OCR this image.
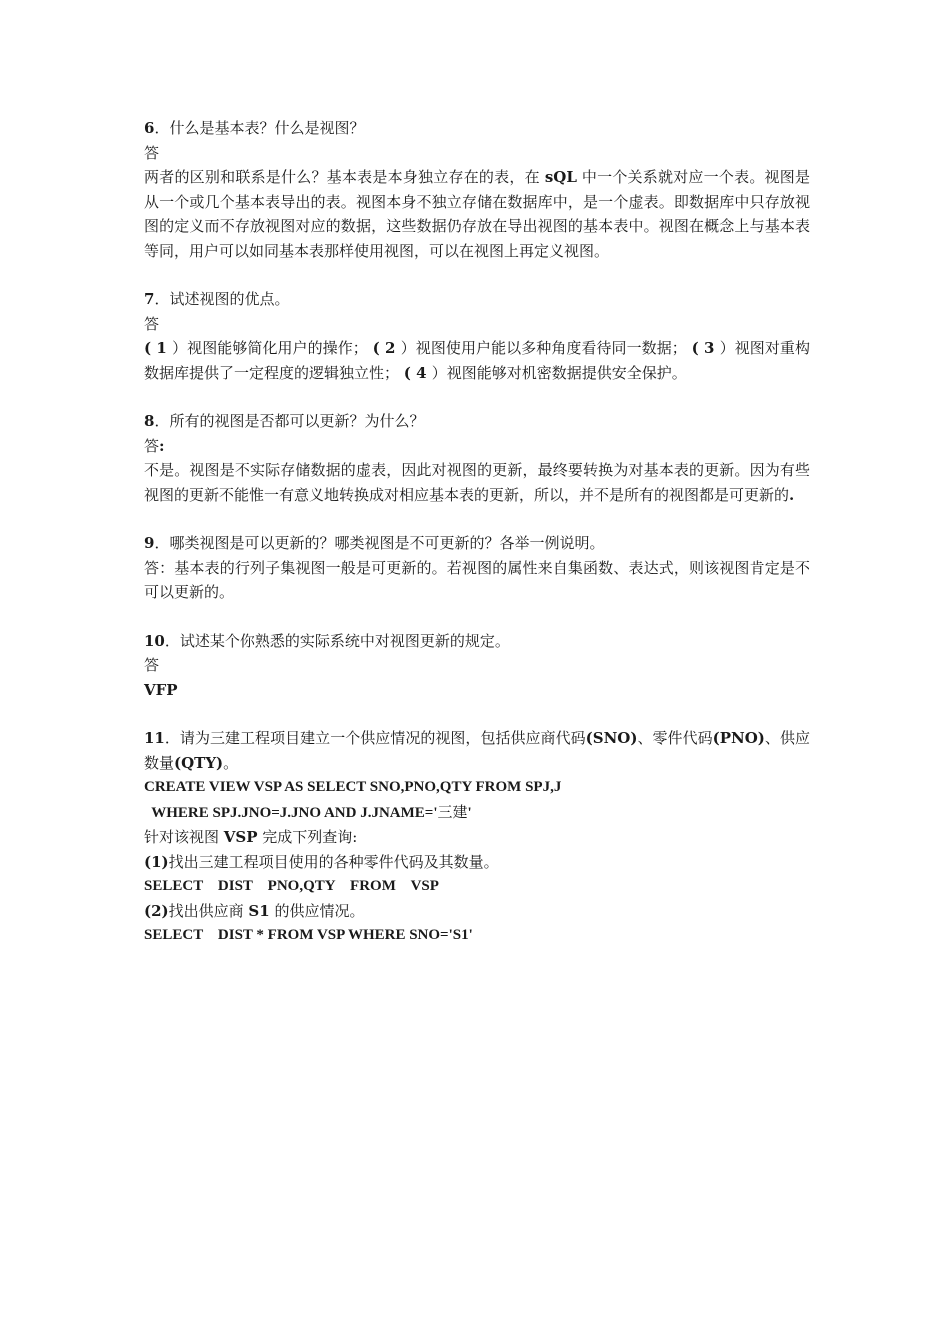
6．什么是基本表？什么是视图？
答
两者的区别和联系是什么？基本表是本身独立存在的表，在 sQL 中一个关系就对应一个表。视图是从一个或几个基本表导出的表。视图本身不独立存储在数据库中，是一个虚表。即数据库中只存放视图的定义而不存放视图对应的数据，这些数据仍存放在导出视图的基本表中。视图在概念上与基本表等同，用户可以如同基本表那样使用视图，可以在视图上再定义视图。
7．试述视图的优点。
答
( 1 ）视图能够简化用户的操作； ( 2 ）视图使用户能以多种角度看待同一数据； ( 3 ）视图对重构数据库提供了一定程度的逻辑独立性； ( 4 ）视图能够对机密数据提供安全保护。
8．所有的视图是否都可以更新？为什么？
答:
不是。视图是不实际存储数据的虚表，因此对视图的更新，最终要转换为对基本表的更新。因为有些视图的更新不能惟一有意义地转换成对相应基本表的更新，所以，并不是所有的视图都是可更新的.
9．哪类视图是可以更新的？哪类视图是不可更新的？各举一例说明。
答：基本表的行列子集视图一般是可更新的。若视图的属性来自集函数、表达式，则该视图肯定是不可以更新的。
10．试述某个你熟悉的实际系统中对视图更新的规定。
答
VFP
11．请为三建工程项目建立一个供应情况的视图，包括供应商代码(SNO)、零件代码(PNO)、供应数量(QTY)。
CREATE VIEW VSP AS SELECT SNO,PNO,QTY FROM SPJ,J
WHERE SPJ.JNO=J.JNO AND J.JNAME='三建'
针对该视图 VSP 完成下列查询:
(1)找出三建工程项目使用的各种零件代码及其数量。
SELECT    DIST    PNO,QTY    FROM    VSP
(2)找出供应商 S1 的供应情况。
SELECT    DIST * FROM VSP WHERE SNO='S1'
